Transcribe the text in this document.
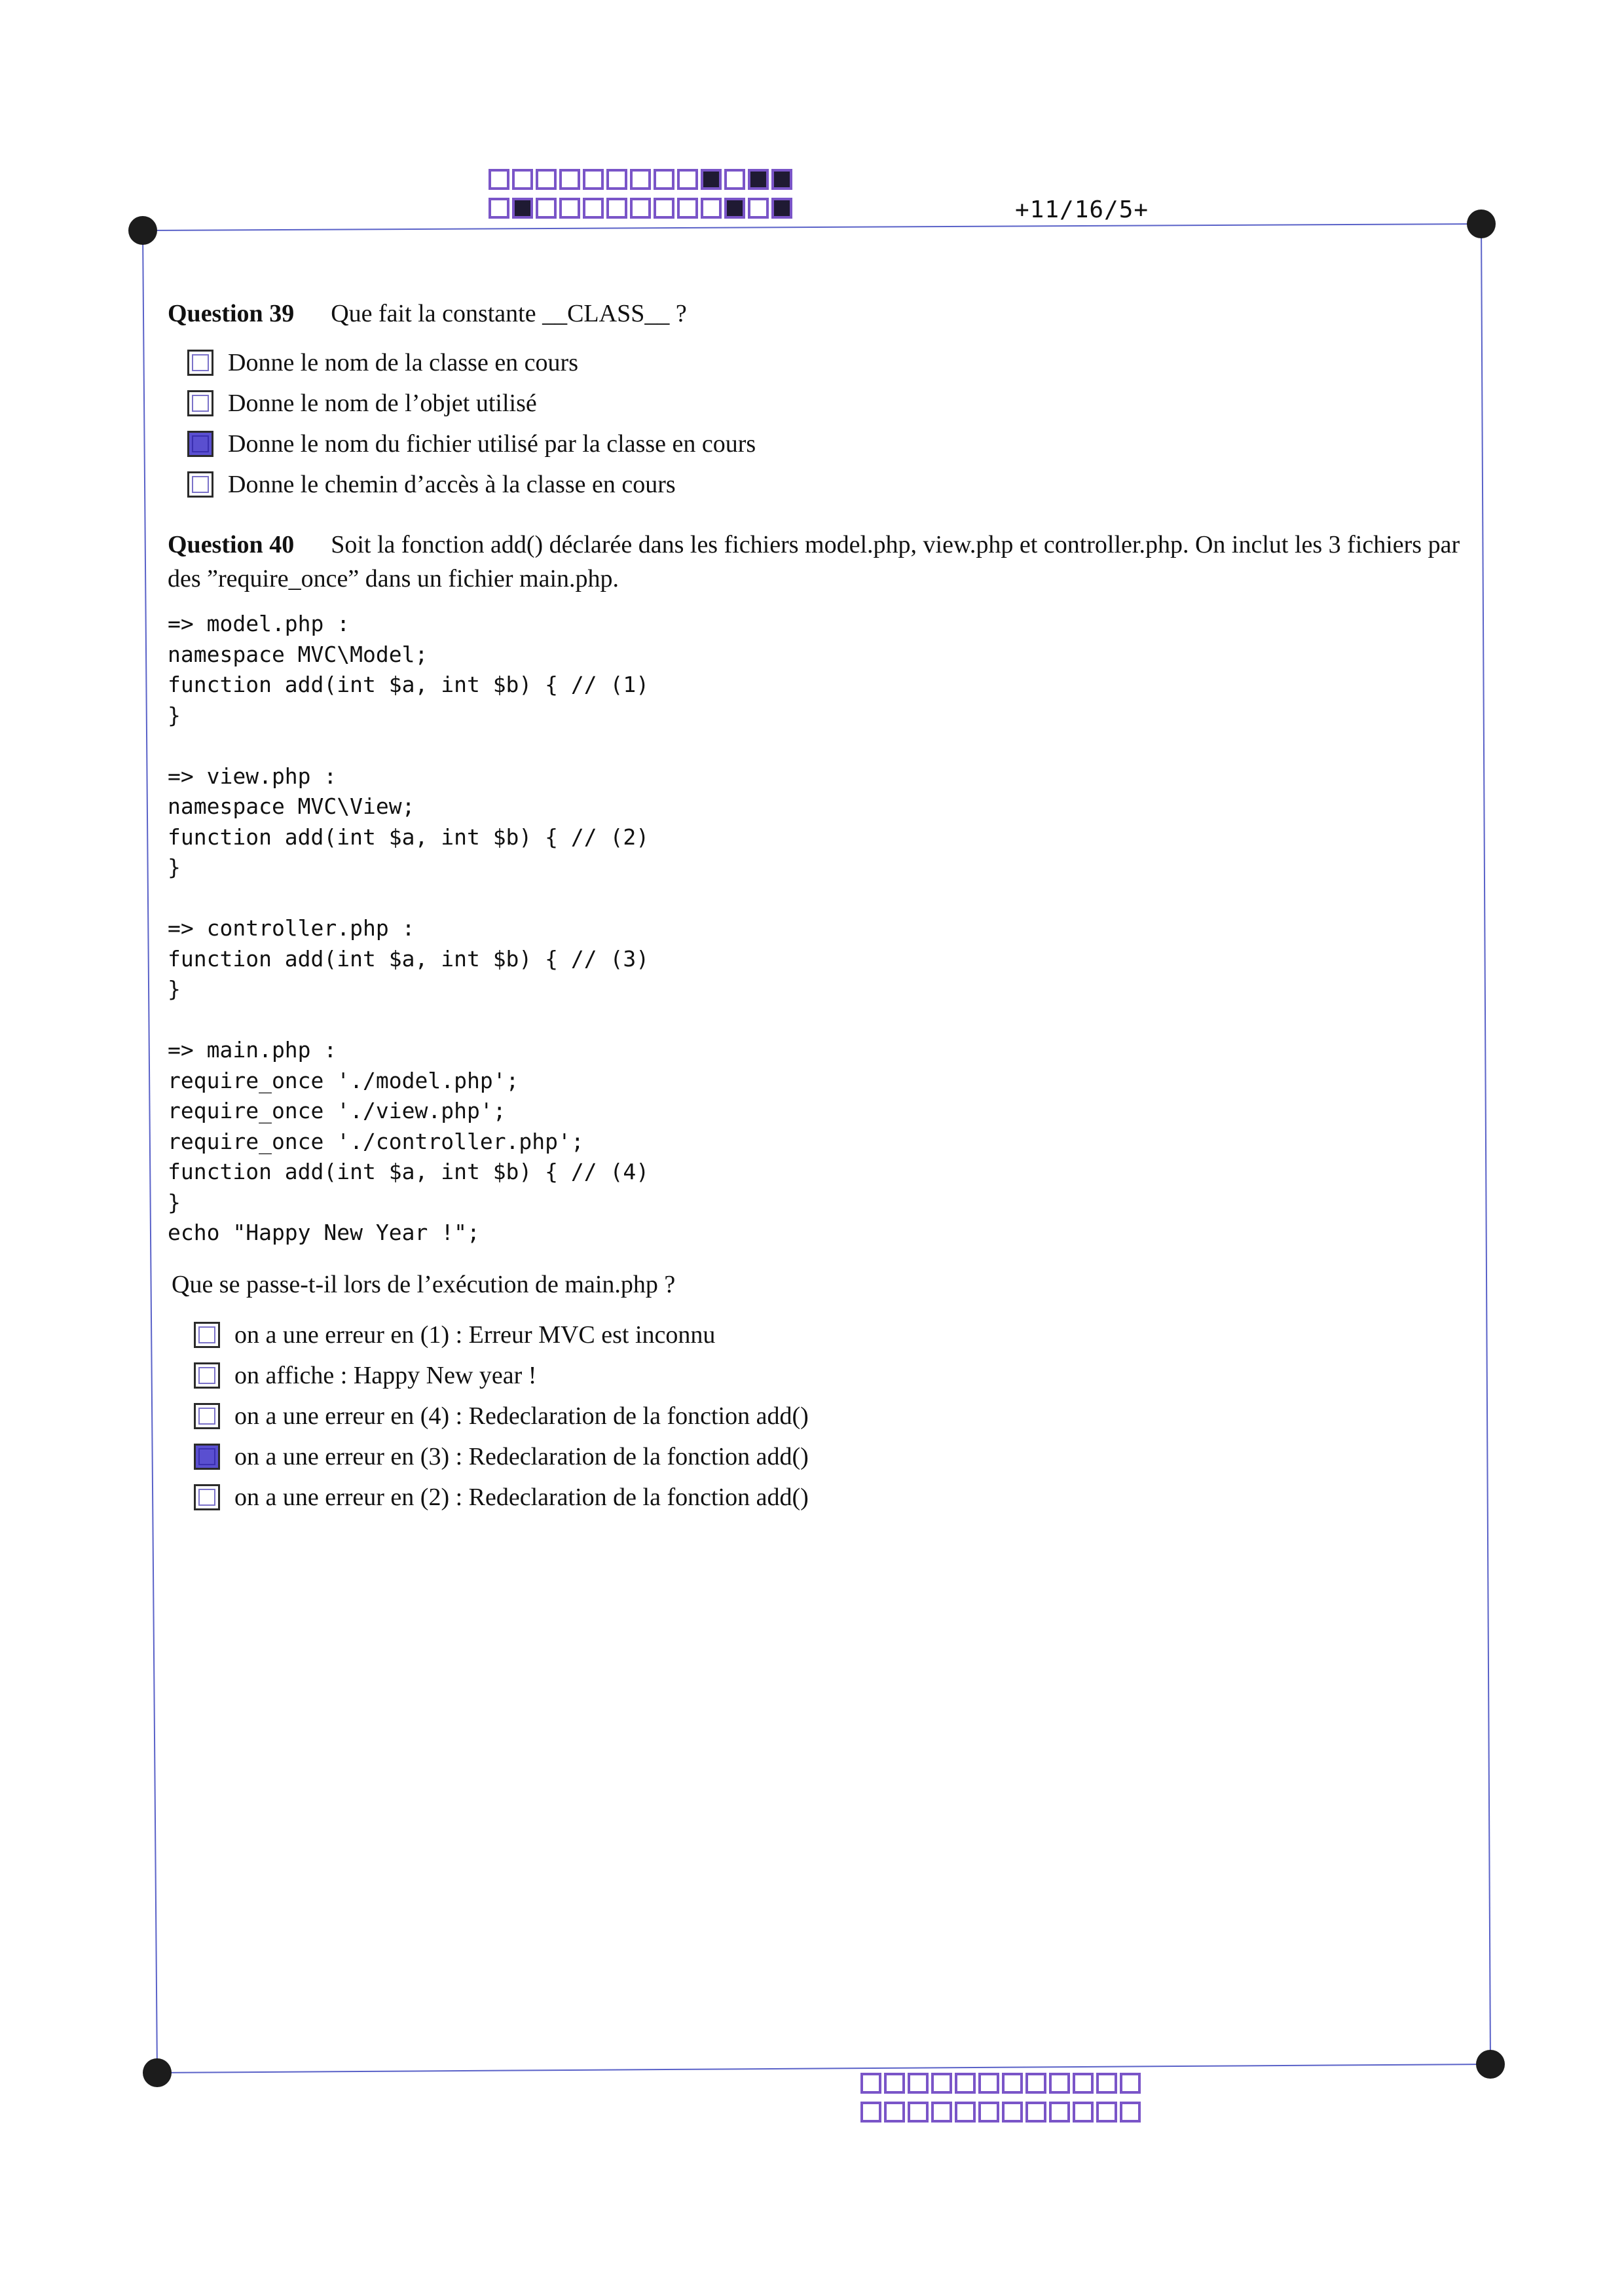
+11/16/5+
Question 39 Que fait la constante __CLASS__ ?
Donne le nom de la classe en cours
Donne le nom de l’objet utilisé
Donne le nom du fichier utilisé par la classe en cours
Donne le chemin d’accès à la classe en cours
Question 40 Soit la fonction add() déclarée dans les fichiers model.php, view.php et controller.php. On inclut les 3 fichiers par des ”require_once” dans un fichier main.php.
=> model.php :
namespace MVC\Model;
function add(int $a, int $b) { // (1)
}

=> view.php :
namespace MVC\View;
function add(int $a, int $b) { // (2)
}

=> controller.php :
function add(int $a, int $b) { // (3)
}

=> main.php :
require_once './model.php';
require_once './view.php';
require_once './controller.php';
function add(int $a, int $b) { // (4)
}
echo "Happy New Year !";
Que se passe-t-il lors de l’exécution de main.php ?
on a une erreur en (1) : Erreur MVC est inconnu
on affiche : Happy New year !
on a une erreur en (4) : Redeclaration de la fonction add()
on a une erreur en (3) : Redeclaration de la fonction add()
on a une erreur en (2) : Redeclaration de la fonction add()
